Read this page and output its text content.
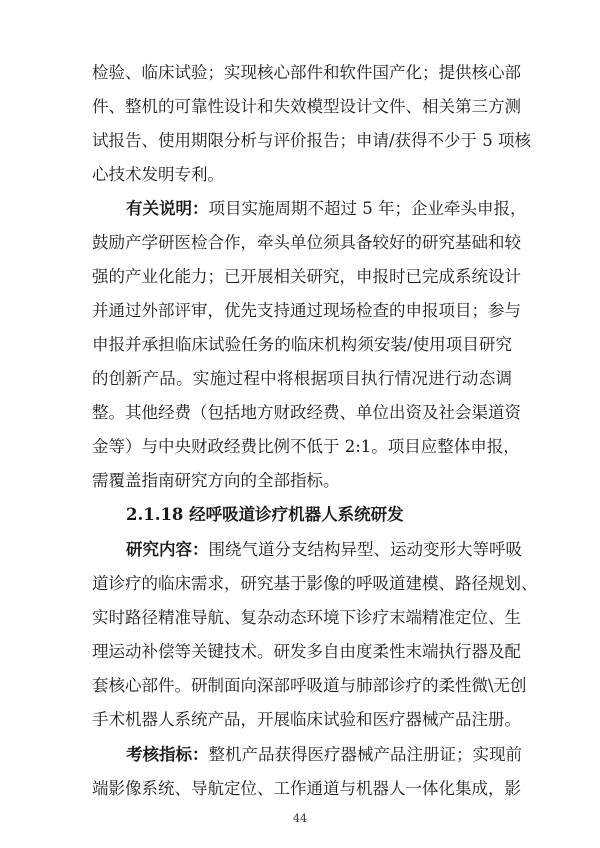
检验、临床试验；实现核心部件和软件国产化；提供核心部
件、整机的可靠性设计和失效模型设计文件、相关第三方测
试报告、使用期限分析与评价报告；申请/获得不少于 5 项核
心技术发明专利。
有关说明：项目实施周期不超过 5 年；企业牵头申报，
鼓励产学研医检合作，牵头单位须具备较好的研究基础和较
强的产业化能力；已开展相关研究，申报时已完成系统设计
并通过外部评审，优先支持通过现场检查的申报项目；参与
申报并承担临床试验任务的临床机构须安装/使用项目研究
的创新产品。实施过程中将根据项目执行情况进行动态调
整。其他经费（包括地方财政经费、单位出资及社会渠道资
金等）与中央财政经费比例不低于 2:1。项目应整体申报，
需覆盖指南研究方向的全部指标。
2.1.18 经呼吸道诊疗机器人系统研发
研究内容：围绕气道分支结构异型、运动变形大等呼吸
道诊疗的临床需求，研究基于影像的呼吸道建模、路径规划、
实时路径精准导航、复杂动态环境下诊疗末端精准定位、生
理运动补偿等关键技术。研发多自由度柔性末端执行器及配
套核心部件。研制面向深部呼吸道与肺部诊疗的柔性微\无创
手术机器人系统产品，开展临床试验和医疗器械产品注册。
考核指标：整机产品获得医疗器械产品注册证；实现前
端影像系统、导航定位、工作通道与机器人一体化集成，影
44
